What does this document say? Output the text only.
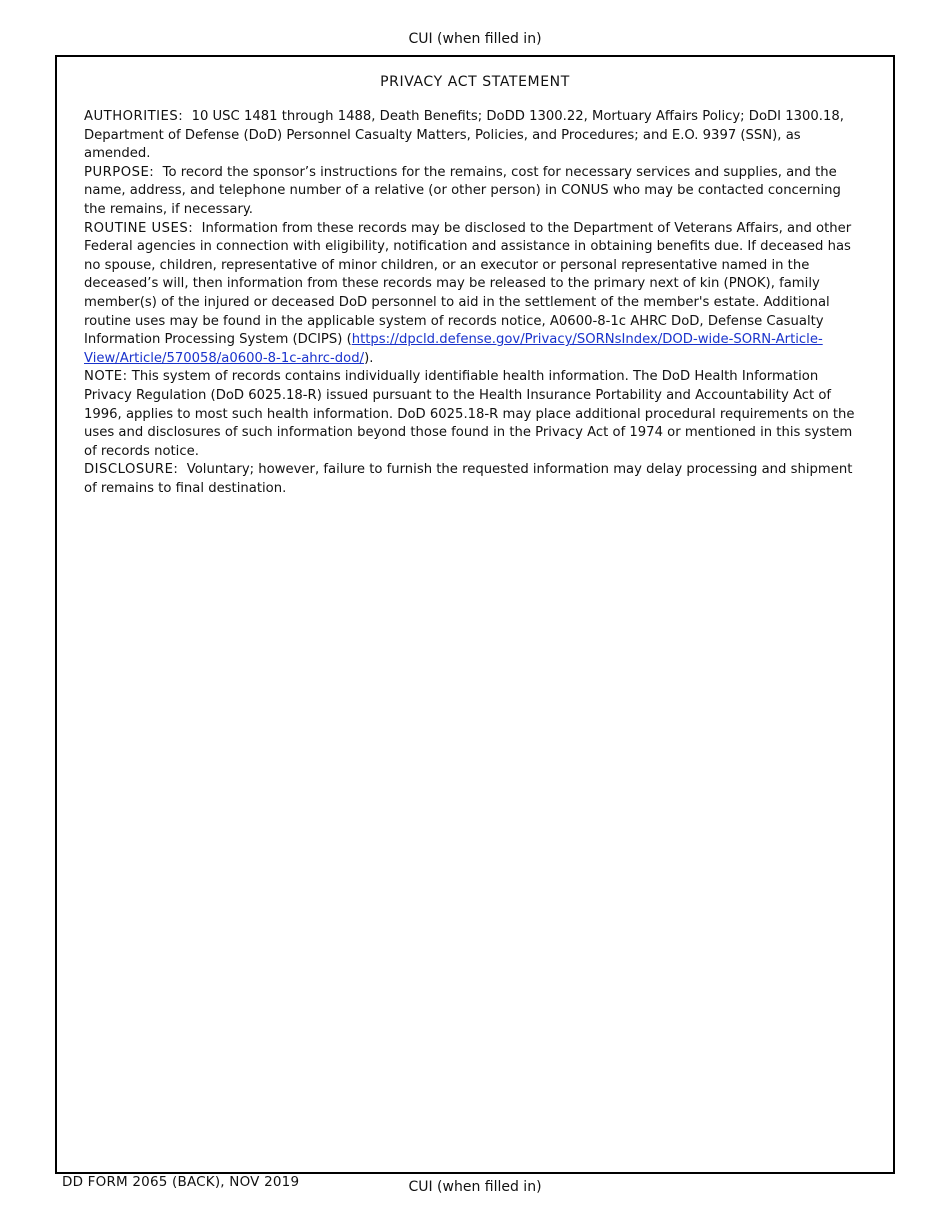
CUI (when filled in)
PRIVACY ACT STATEMENT

AUTHORITIES: 10 USC 1481 through 1488, Death Benefits; DoDD 1300.22, Mortuary Affairs Policy; DoDI 1300.18, Department of Defense (DoD) Personnel Casualty Matters, Policies, and Procedures; and E.O. 9397 (SSN), as amended.

PURPOSE: To record the sponsor’s instructions for the remains, cost for necessary services and supplies, and the name, address, and telephone number of a relative (or other person) in CONUS who may be contacted concerning the remains, if necessary.

ROUTINE USES: Information from these records may be disclosed to the Department of Veterans Affairs, and other Federal agencies in connection with eligibility, notification and assistance in obtaining benefits due. If deceased has no spouse, children, representative of minor children, or an executor or personal representative named in the deceased’s will, then information from these records may be released to the primary next of kin (PNOK), family member(s) of the injured or deceased DoD personnel to aid in the settlement of the member's estate. Additional routine uses may be found in the applicable system of records notice, A0600-8-1c AHRC DoD, Defense Casualty Information Processing System (DCIPS) (https://dpcld.defense.gov/Privacy/SORNsIndex/DOD-wide-SORN-Article-View/Article/570058/a0600-8-1c-ahrc-dod/).

NOTE: This system of records contains individually identifiable health information. The DoD Health Information Privacy Regulation (DoD 6025.18-R) issued pursuant to the Health Insurance Portability and Accountability Act of 1996, applies to most such health information. DoD 6025.18-R may place additional procedural requirements on the uses and disclosures of such information beyond those found in the Privacy Act of 1974 or mentioned in this system of records notice.

DISCLOSURE: Voluntary; however, failure to furnish the requested information may delay processing and shipment of remains to final destination.

DD FORM 2065 (BACK), NOV 2019	CUI (when filled in)
